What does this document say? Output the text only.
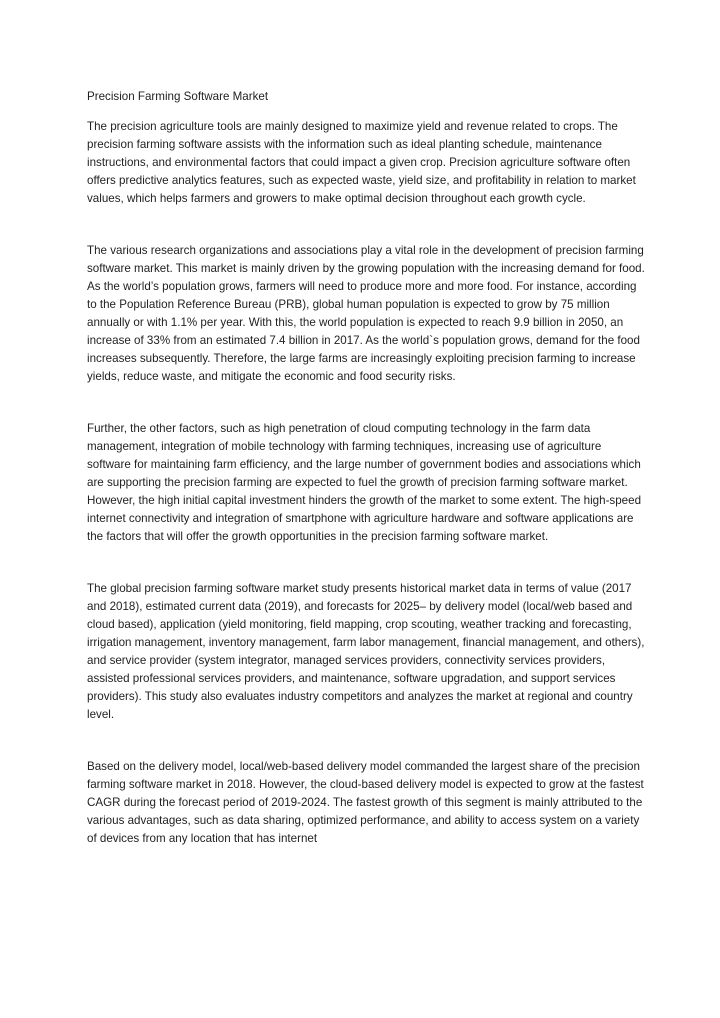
Precision Farming Software Market

The precision agriculture tools are mainly designed to maximize yield and revenue related to crops. The precision farming software assists with the information such as ideal planting schedule, maintenance instructions, and environmental factors that could impact a given crop. Precision agriculture software often offers predictive analytics features, such as expected waste, yield size, and profitability in relation to market values, which helps farmers and growers to make optimal decision throughout each growth cycle.

The various research organizations and associations play a vital role in the development of precision farming software market. This market is mainly driven by the growing population with the increasing demand for food. As the world’s population grows, farmers will need to produce more and more food. For instance, according to the Population Reference Bureau (PRB), global human population is expected to grow by 75 million annually or with 1.1% per year. With this, the world population is expected to reach 9.9 billion in 2050, an increase of 33% from an estimated 7.4 billion in 2017. As the world`s population grows, demand for the food increases subsequently. Therefore, the large farms are increasingly exploiting precision farming to increase yields, reduce waste, and mitigate the economic and food security risks.

Further, the other factors, such as high penetration of cloud computing technology in the farm data management, integration of mobile technology with farming techniques, increasing use of agriculture software for maintaining farm efficiency, and the large number of government bodies and associations which are supporting the precision farming are expected to fuel the growth of precision farming software market. However, the high initial capital investment hinders the growth of the market to some extent. The high-speed internet connectivity and integration of smartphone with agriculture hardware and software applications are the factors that will offer the growth opportunities in the precision farming software market.

The global precision farming software market study presents historical market data in terms of value (2017 and 2018), estimated current data (2019), and forecasts for 2025– by delivery model (local/web based and cloud based), application (yield monitoring, field mapping, crop scouting, weather tracking and forecasting, irrigation management, inventory management, farm labor management, financial management, and others), and service provider (system integrator, managed services providers, connectivity services providers, assisted professional services providers, and maintenance, software upgradation, and support services providers). This study also evaluates industry competitors and analyzes the market at regional and country level.

Based on the delivery model, local/web-based delivery model commanded the largest share of the precision farming software market in 2018. However, the cloud-based delivery model is expected to grow at the fastest CAGR during the forecast period of 2019-2024. The fastest growth of this segment is mainly attributed to the various advantages, such as data sharing, optimized performance, and ability to access system on a variety of devices from any location that has internet
